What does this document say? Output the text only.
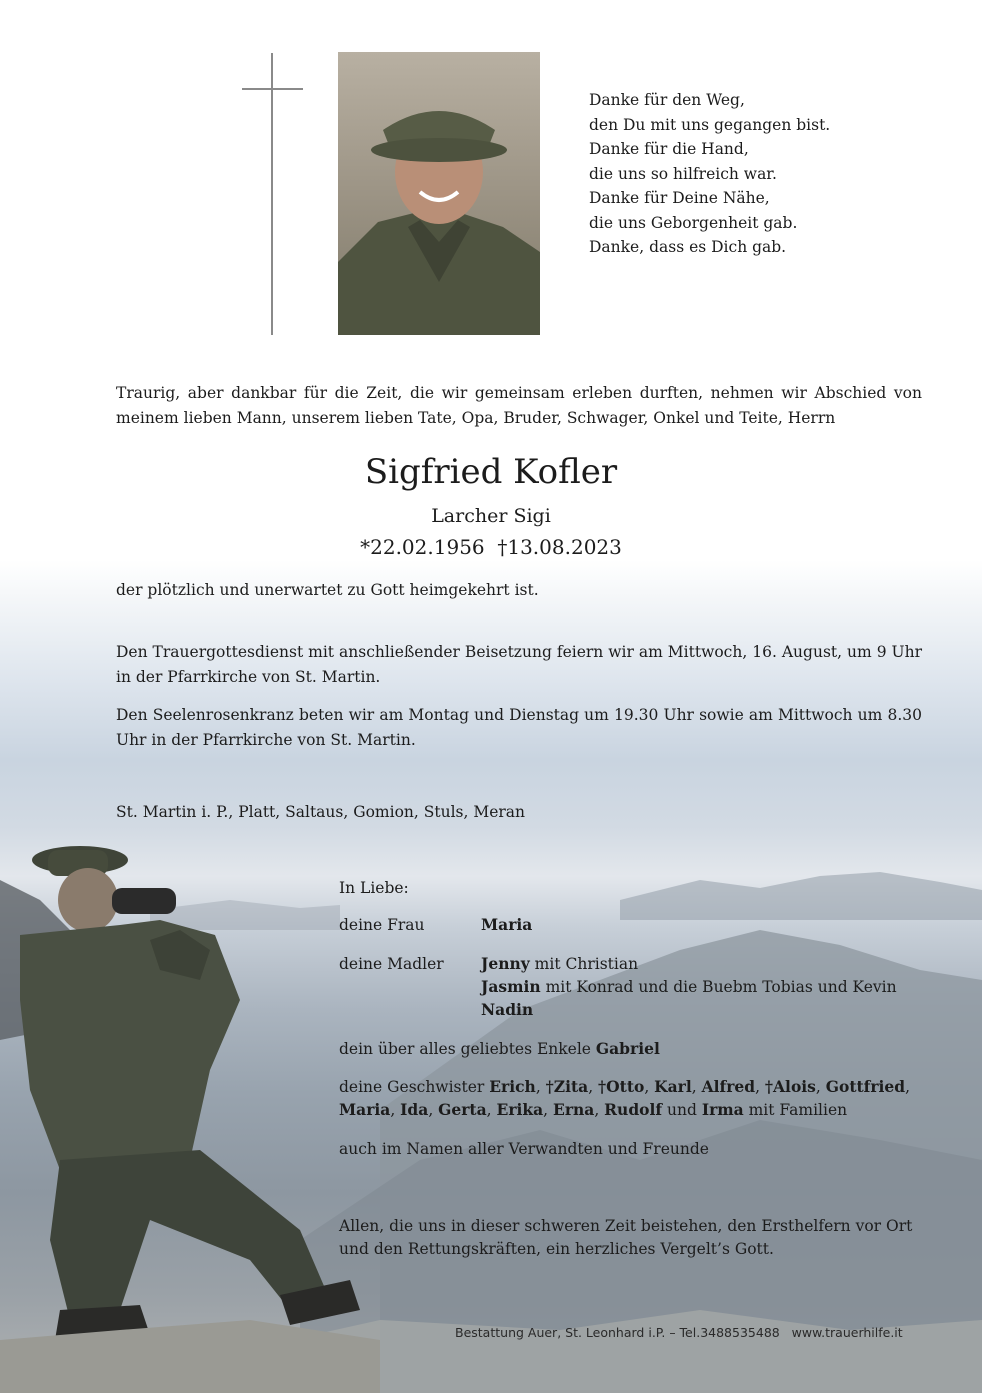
Danke für den Weg,
den Du mit uns gegangen bist.
Danke für die Hand,
die uns so hilfreich war.
Danke für Deine Nähe,
die uns Geborgenheit gab.
Danke, dass es Dich gab.
Traurig, aber dankbar für die Zeit, die wir gemeinsam erleben durften, nehmen wir Abschied von
meinem lieben Mann, unserem lieben Tate, Opa, Bruder, Schwager, Onkel und Teite, Herrn
Sigfried Kofler
Larcher Sigi
*22.02.1956  †13.08.2023
der plötzlich und unerwartet zu Gott heimgekehrt ist.
Den Trauergottesdienst mit anschließender Beisetzung feiern wir am Mittwoch, 16. August, um 9 Uhr in der Pfarrkirche von St. Martin.
Den Seelenrosenkranz beten wir am Montag und Dienstag um 19.30 Uhr sowie am Mittwoch um 8.30 Uhr in der Pfarrkirche von St. Martin.
St. Martin i. P., Platt, Saltaus, Gomion, Stuls, Meran
In Liebe:
deine Frau	Maria
deine Madler Jenny mit Christian
Jasmin mit Konrad und die Buebm Tobias und Kevin
Nadin
dein über alles geliebtes Enkele Gabriel
deine Geschwister Erich, †Zita, †Otto, Karl, Alfred, †Alois, Gottfried,
Maria, Ida, Gerta, Erika, Erna, Rudolf und Irma mit Familien
auch im Namen aller Verwandten und Freunde
Allen, die uns in dieser schweren Zeit beistehen, den Ersthelfern vor Ort
und den Rettungskräften, ein herzliches Vergelt’s Gott.
Bestattung Auer, St. Leonhard i.P. – Tel.3488535488   www.trauerhilfe.it
